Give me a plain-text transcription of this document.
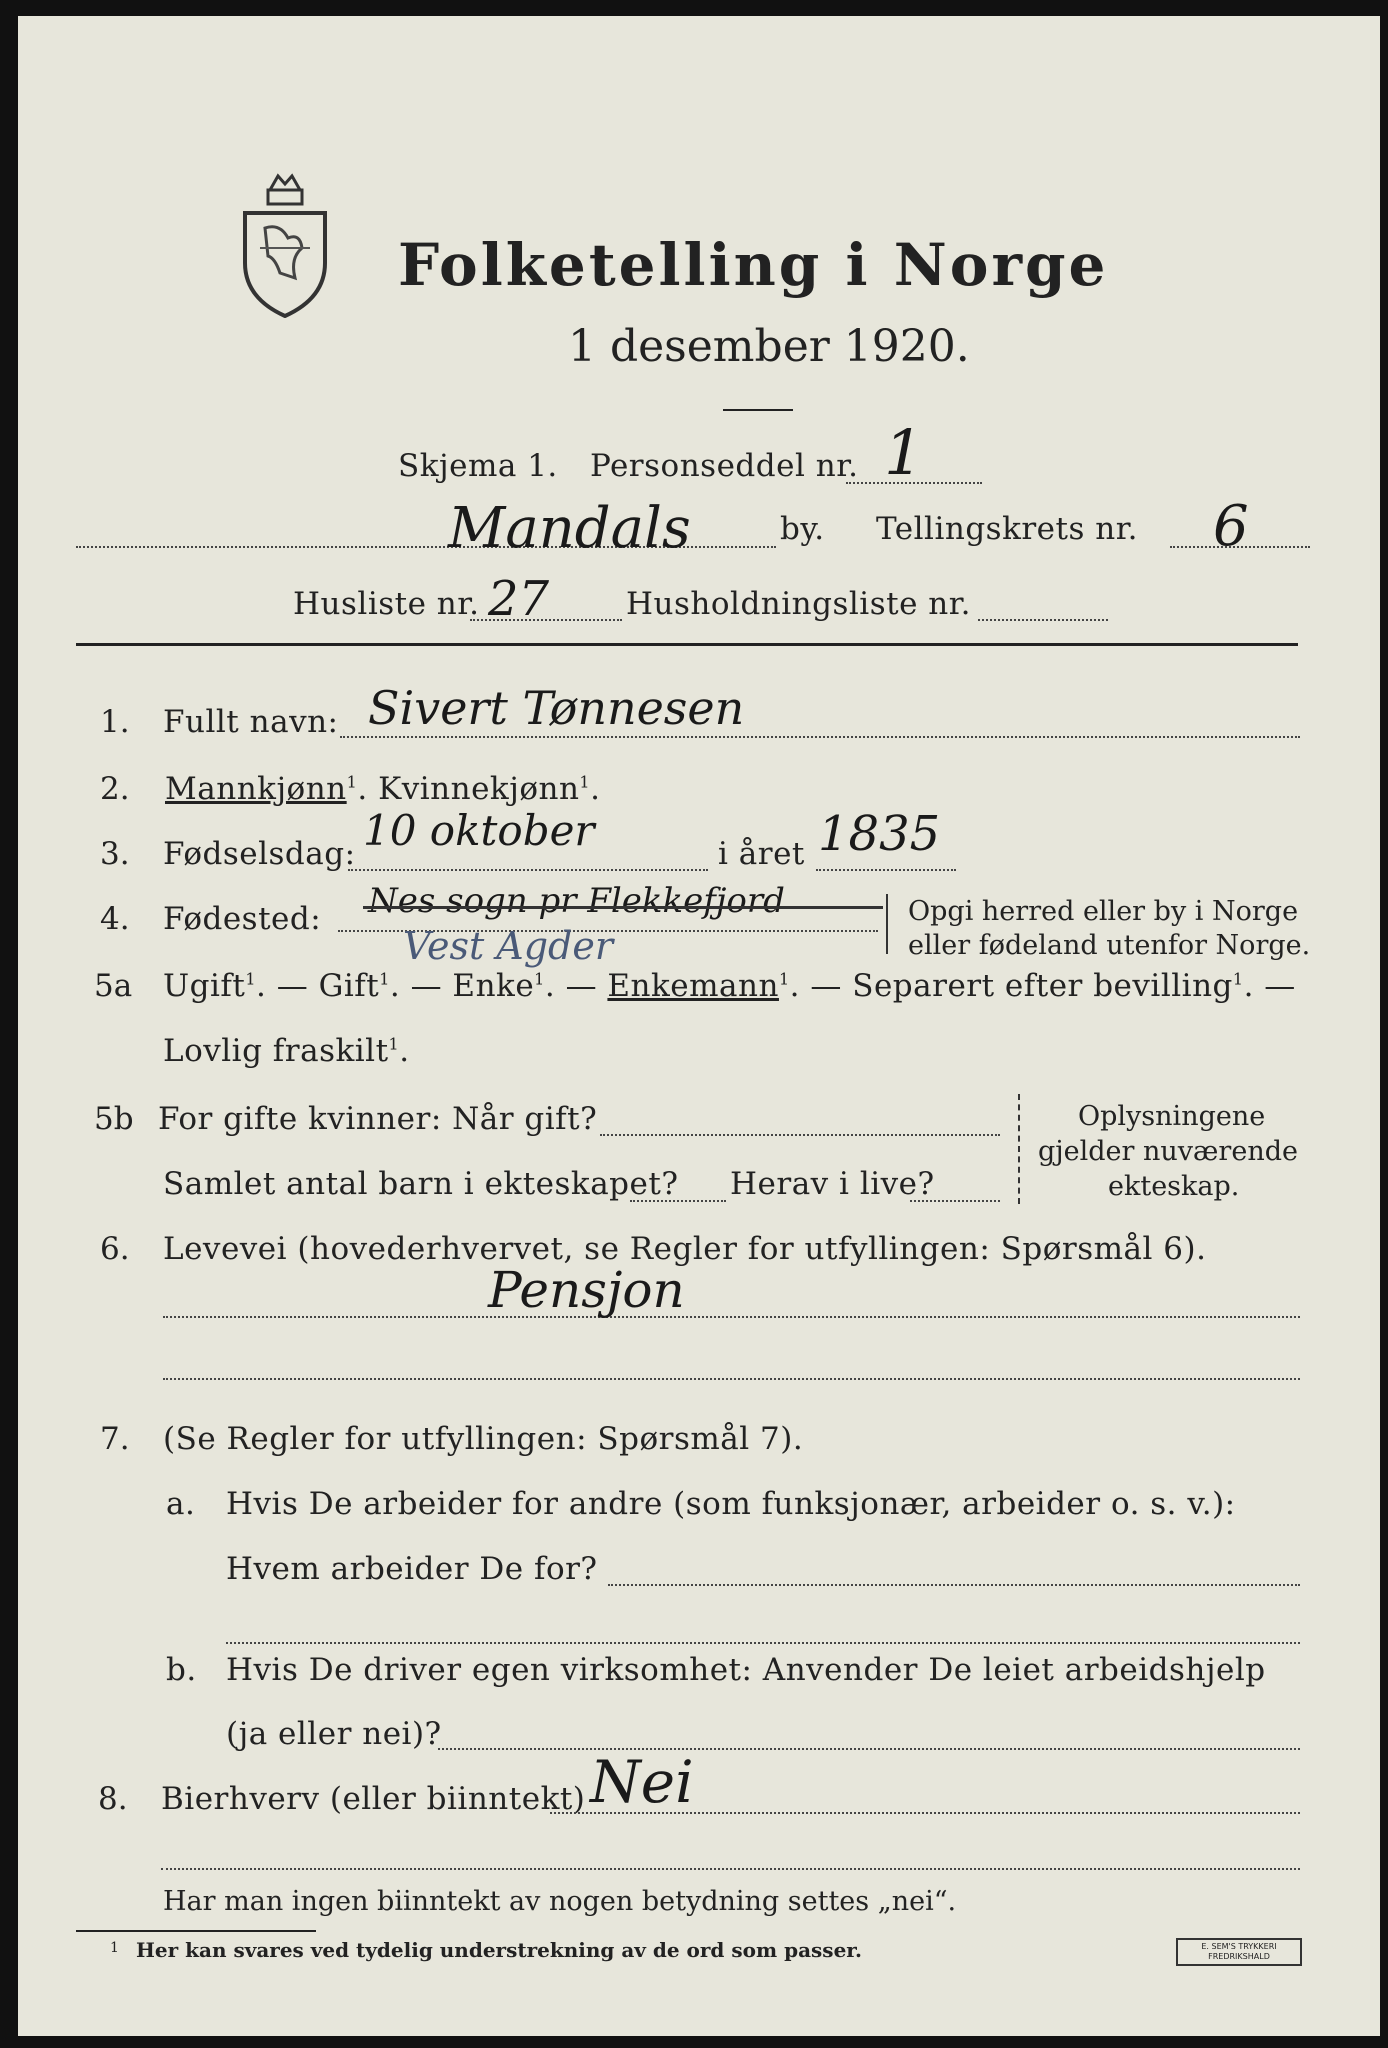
Folketelling i Norge
1 desember 1920.
Skjema 1. Personseddel nr. 1
Mandals	by. Tellingskrets nr. 6
Husliste nr. 27 Husholdningsliste nr.
1. Fullt navn: Sivert Tønnesen
2. Mannkjønn$^1$. Kvinnekjønn$^1$.
3. Fødselsdag: 10 oktober	i året 1835
4. Fødested: Nes sogn pr Flekkefjord
Vest Agder
Opgi herred eller by i Norge
eller fødeland utenfor Norge.
5a Ugift$^1$. — Gift$^1$. — Enke$^1$. — Enkemann$^1$. — Separert efter bevilling$^1$. —
Lovlig fraskilt$^1$.
5b For gifte kvinner: Når gift?
Samlet antal barn i ekteskapet? Herav i live?
Oplysningene
gjelder nuværende
ekteskap.
6. Levevei (hovederhvervet, se Regler for utfyllingen: Spørsmål 6).
Pensjon
7. (Se Regler for utfyllingen: Spørsmål 7).
a. Hvis De arbeider for andre (som funksjonær, arbeider o. s. v.):
Hvem arbeider De for?
b. Hvis De driver egen virksomhet: Anvender De leiet arbeidshjelp
(ja eller nei)?
8. Bierhverv (eller biinntekt) Nei
Har man ingen biinntekt av nogen betydning settes „nei“.
1 Her kan svares ved tydelig understrekning av de ord som passer.	E. SEM'S TRYKKERI
FREDRIKSHALD
